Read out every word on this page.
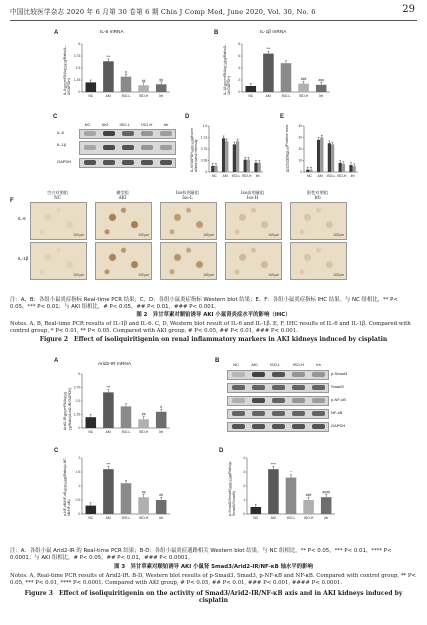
中国比较医学杂志 2020 年 6 月第 30 卷第 6 期 Chin J Comp Med, June 2020, Vol. 30, No. 6	29
A	IL-6 mRNA
IL-6相对mRNA表达量/Ratio(IL-6/GAPDH) 0
1.25
2.5
3.75
5
NC	AKI
***
ISO-L
#
ISO-H
##
Irb
##
B	IL-1β mRNA
IL-1β相对mRNA表达量/Ratio(IL-1β/GAPDH) 0
2
4
6
8
NC	AKI
***
ISO-L ISO-H
###
Irb
###
C
NC	AKI	ISO-L	ISO-H	Irb
IL-6
IL-1β
GAPDH
D
IL-6/GAPDH灰度比值/Norm alized band intensity 0
0.38
0.75
1.13
1.5
NC AKI ISO-L ISO-H Irb
E
阳性区域面积比/Positive area	0
10
20
30
40
NC AKI ISO-L ISO-H Irb
F
空白对照组
NC
模型组
AKI
Iso低剂量组
Iso-L
Iso高剂量组
Iso-H
阳性对照组
Irb
IL-6
100 μm	100 μm	100 μm	100 μm	100 μm
IL-1β
100 μm	100 μm	100 μm	100 μm	100 μm
注：A、B：各组小鼠炎症指标 Real-time PCR 结果；C、D：各组小鼠炎症指标 Western blot 结果；E、F：各组小鼠炎症指标 IHC 结果。与 NC 组相比，** P< 0.05，*** P< 0.01；与 AKI 组相比，# P< 0.05，## P< 0.01，### P< 0.001。
图 2　异甘草素对顺铂诱导 AKI 小鼠肾炎症水平的影响（IHC）
Notes. A, B, Real-time PCR results of IL-1β and IL-6. C, D, Western blot result of IL-6 and IL-1β. E, F, IHC results of IL-6 and IL-1β. Compared with control group, * P< 0.01, ** P< 0.05. Compared with AKI group, # P< 0.05, ## P< 0.01, ### P< 0.001.
Figure 2　Effect of isoliquiritigenin on renal inflammatory markers in AKI kidneys induced by cisplatin
A
Arid2-IR mRNA
Arid2-IR相对mRNA表达量/Ratio(Arid2-IR/GAPDH) 0
1.25
2.5
3.75
5
NC	AKI
***
ISO-L ISO-H
##
Irb
#
B
NC	AKI	ISO-L	ISO-H	Irb
p-Smad3
Smad3
p-NF-κB
NF-κB
GAPDH
C
p-NF-κB/NF-κB灰度比值/Ratio(p-NF-κB/NF-κB) 0
0.5
1
1.5
2
NC	AKI
***
ISO-L ISO-H
##
Irb
##
D
p-Smad3/Smad3灰度比值/Ratio(p-Smad3/Smad3) 0
1
2
3
4
NC	AKI
****
ISO-L
*
ISO-H
###
Irb
####
注：A：各组小鼠 Arid2-IR 的 Real-time PCR 结果；B-D：各组小鼠炎症通路相关 Western blot 结果。与 NC 组相比，** P< 0.05，*** P< 0.01，**** P< 0.0001；与 AKI 组相比，# P< 0.05，## P< 0.01，### P< 0.0001。
图 3　异甘草素对顺铂诱导 AKI 小鼠肾 Smad3/Arid2-IR/NF-κB 轴水平的影响
Notes. A, Real-time PCR results of Arid2-IR. B-D, Western blot results of p-Smad3, Smad3, p-NF-κB and NF-κB. Compared with control group, ** P< 0.05, *** P< 0.01, **** P< 0.0001. Compared with AKI group, # P< 0.05, ## P< 0.01, ### P< 0.001, #### P< 0.0001.
Figure 3　Effect of isoliquiritigenin on the activity of Smad3/Arid2-IR/NF-κB axis and in AKI kidneys induced by cisplatin
